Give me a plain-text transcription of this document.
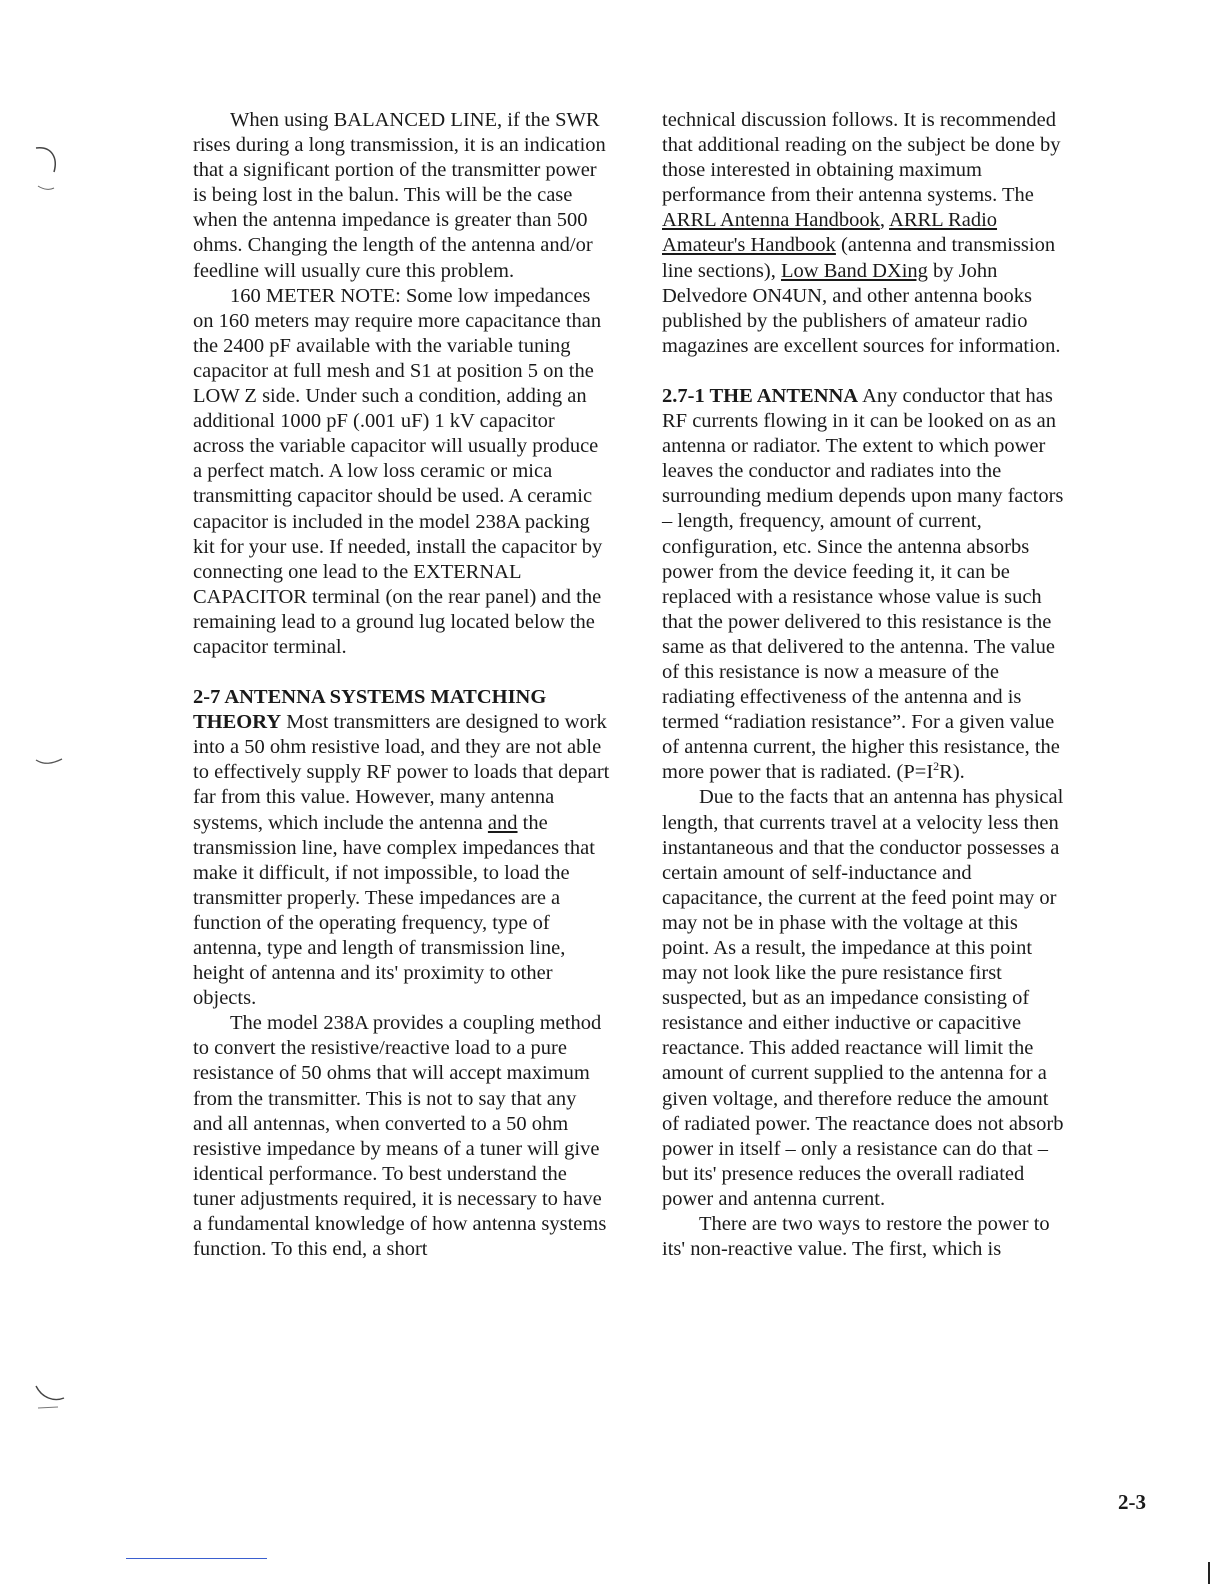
When using BALANCED LINE, if the SWR rises during a long transmission, it is an indication that a significant portion of the transmitter power is being lost in the balun. This will be the case when the antenna impedance is greater than 500 ohms. Changing the length of the antenna and/or feedline will usually cure this problem.

160 METER NOTE: Some low impedances on 160 meters may require more capacitance than the 2400 pF available with the variable tuning capacitor at full mesh and S1 at position 5 on the LOW Z side. Under such a condition, adding an additional 1000 pF (.001 uF) 1 kV capacitor across the variable capacitor will usually produce a perfect match. A low loss ceramic or mica transmitting capacitor should be used. A ceramic capacitor is included in the model 238A packing kit for your use. If needed, install the capacitor by connecting one lead to the EXTERNAL CAPACITOR terminal (on the rear panel) and the remaining lead to a ground lug located below the capacitor terminal.

2-7 ANTENNA SYSTEMS MATCHING THEORY Most transmitters are designed to work into a 50 ohm resistive load, and they are not able to effectively supply RF power to loads that depart far from this value. However, many antenna systems, which include the antenna and the transmission line, have complex impedances that make it difficult, if not impossible, to load the transmitter properly. These impedances are a function of the operating frequency, type of antenna, type and length of transmission line, height of antenna and its' proximity to other objects.

The model 238A provides a coupling method to convert the resistive/reactive load to a pure resistance of 50 ohms that will accept maximum from the transmitter. This is not to say that any and all antennas, when converted to a 50 ohm resistive impedance by means of a tuner will give identical performance. To best understand the tuner adjustments required, it is necessary to have a fundamental knowledge of how antenna systems function. To this end, a short

technical discussion follows. It is recommended that additional reading on the subject be done by those interested in obtaining maximum performance from their antenna systems. The ARRL Antenna Handbook, ARRL Radio Amateur's Handbook (antenna and transmission line sections), Low Band DXing by John Delvedore ON4UN, and other antenna books published by the publishers of amateur radio magazines are excellent sources for information.

2.7-1 THE ANTENNA Any conductor that has RF currents flowing in it can be looked on as an antenna or radiator. The extent to which power leaves the conductor and radiates into the surrounding medium depends upon many factors – length, frequency, amount of current, configuration, etc. Since the antenna absorbs power from the device feeding it, it can be replaced with a resistance whose value is such that the power delivered to this resistance is the same as that delivered to the antenna. The value of this resistance is now a measure of the radiating effectiveness of the antenna and is termed “radiation resistance”. For a given value of antenna current, the higher this resistance, the more power that is radiated. $(P=I^2R)$.

Due to the facts that an antenna has physical length, that currents travel at a velocity less then instantaneous and that the conductor possesses a certain amount of self-inductance and capacitance, the current at the feed point may or may not be in phase with the voltage at this point. As a result, the impedance at this point may not look like the pure resistance first suspected, but as an impedance consisting of resistance and either inductive or capacitive reactance. This added reactance will limit the amount of current supplied to the antenna for a given voltage, and therefore reduce the amount of radiated power. The reactance does not absorb power in itself – only a resistance can do that – but its' presence reduces the overall radiated power and antenna current.

There are two ways to restore the power to its' non-reactive value. The first, which is

2-3
